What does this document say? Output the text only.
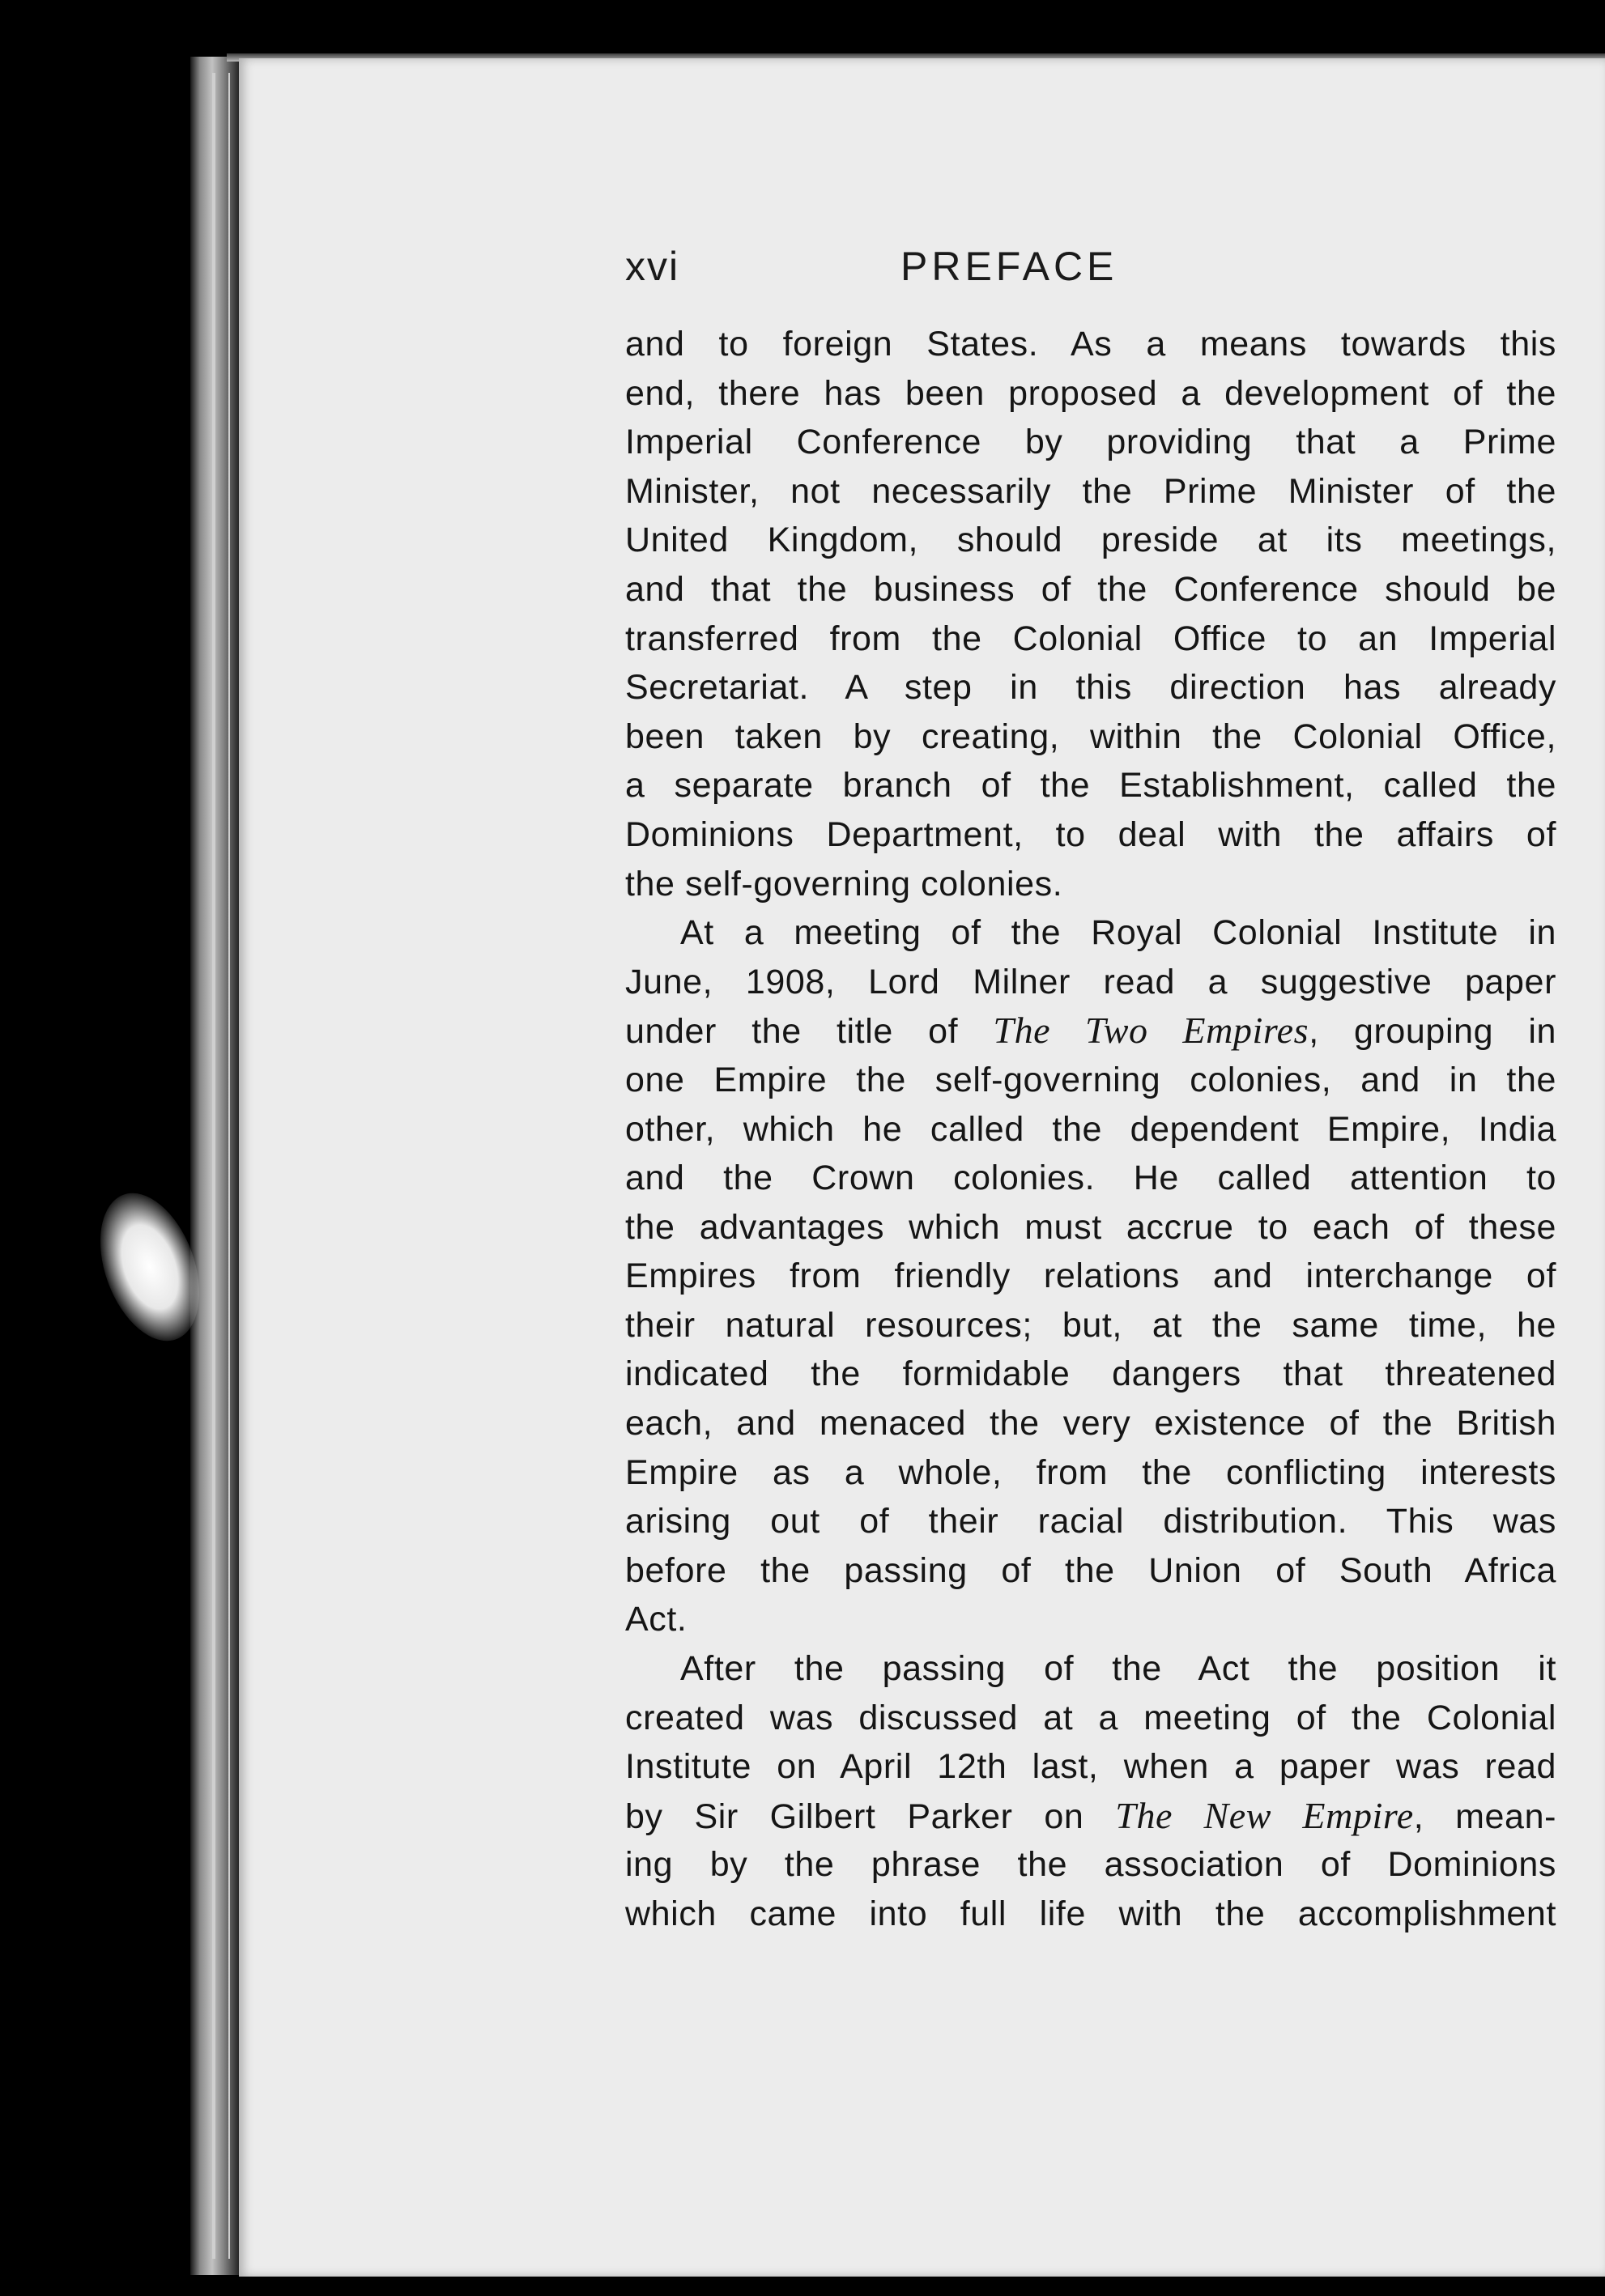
xvi	PREFACE
and to foreign States. As a means towards this
end, there has been proposed a development of the
Imperial Conference by providing that a Prime
Minister, not necessarily the Prime Minister of the
United Kingdom, should preside at its meetings,
and that the business of the Conference should be
transferred from the Colonial Office to an Imperial
Secretariat. A step in this direction has already
been taken by creating, within the Colonial Office,
a separate branch of the Establishment, called the
Dominions Department, to deal with the affairs of
the self-governing colonies.
At a meeting of the Royal Colonial Institute in
June, 1908, Lord Milner read a suggestive paper
under the title of The Two Empires, grouping in
one Empire the self-governing colonies, and in the
other, which he called the dependent Empire, India
and the Crown colonies. He called attention to
the advantages which must accrue to each of these
Empires from friendly relations and interchange of
their natural resources; but, at the same time, he
indicated the formidable dangers that threatened
each, and menaced the very existence of the British
Empire as a whole, from the conflicting interests
arising out of their racial distribution. This was
before the passing of the Union of South Africa
Act.
After the passing of the Act the position it
created was discussed at a meeting of the Colonial
Institute on April 12th last, when a paper was read
by Sir Gilbert Parker on The New Empire, mean-
ing by the phrase the association of Dominions
which came into full life with the accomplishment
